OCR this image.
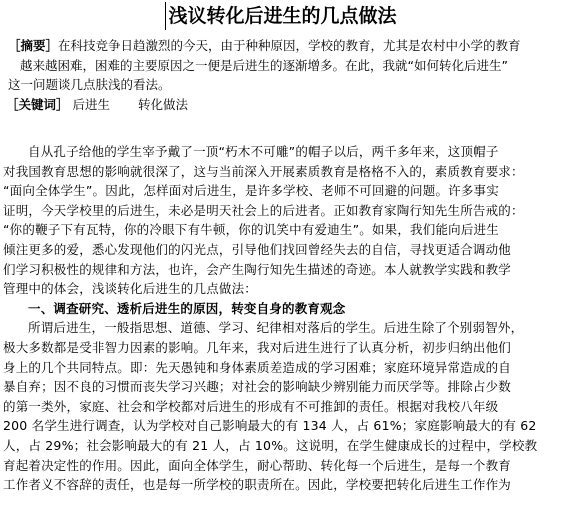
浅议转化后进生的几点做法
［摘要］在科技竞争日趋激烈的今天，由于种种原因，学校的教育，尤其是农村中小学的教育
越来越困难，困难的主要原因之一便是后进生的逐渐增多。在此，我就“如何转化后进生”
这一问题谈几点肤浅的看法。
［关键词］ 后进生 转化做法
自从孔子给他的学生宰予戴了一顶“朽木不可雕”的帽子以后，两千多年来，这顶帽子
对我国教育思想的影响就很深了，这与当前深入开展素质教育是格格不入的，素质教育要求：
“面向全体学生”。因此，怎样面对后进生，是许多学校、老师不可回避的问题。许多事实
证明，今天学校里的后进生，未必是明天社会上的后进者。正如教育家陶行知先生所告戒的：
“你的鞭子下有瓦特，你的冷眼下有牛顿，你的讥笑中有爱迪生”。如果，我们能向后进生
倾注更多的爱，悉心发现他们的闪光点，引导他们找回曾经失去的自信，寻找更适合调动他
们学习积极性的规律和方法，也许，会产生陶行知先生描述的奇迹。本人就教学实践和教学
管理中的体会，浅谈转化后进生的几点做法：
一、调查研究、透析后进生的原因，转变自身的教育观念
所谓后进生，一般指思想、道德、学习、纪律相对落后的学生。后进生除了个别弱智外，
极大多数都是受非智力因素的影响。几年来，我对后进生进行了认真分析，初步归纳出他们
身上的几个共同特点。即：先天愚钝和身体素质差造成的学习困难；家庭环境异常造成的自
暴自弃；因不良的习惯而丧失学习兴趣；对社会的影响缺少辨别能力而厌学等。排除占少数
的第一类外，家庭、社会和学校都对后进生的形成有不可推卸的责任。根据对我校八年级
200 名学生进行调查，认为学校对自己影响最大的有 134 人，占 61%；家庭影响最大的有 62
人，占 29%；社会影响最大的有 21 人，占 10%。这说明，在学生健康成长的过程中，学校教
育起着决定性的作用。因此，面向全体学生，耐心帮助、转化每一个后进生，是每一个教育
工作者义不容辞的责任，也是每一所学校的职责所在。因此，学校要把转化后进生工作作为
